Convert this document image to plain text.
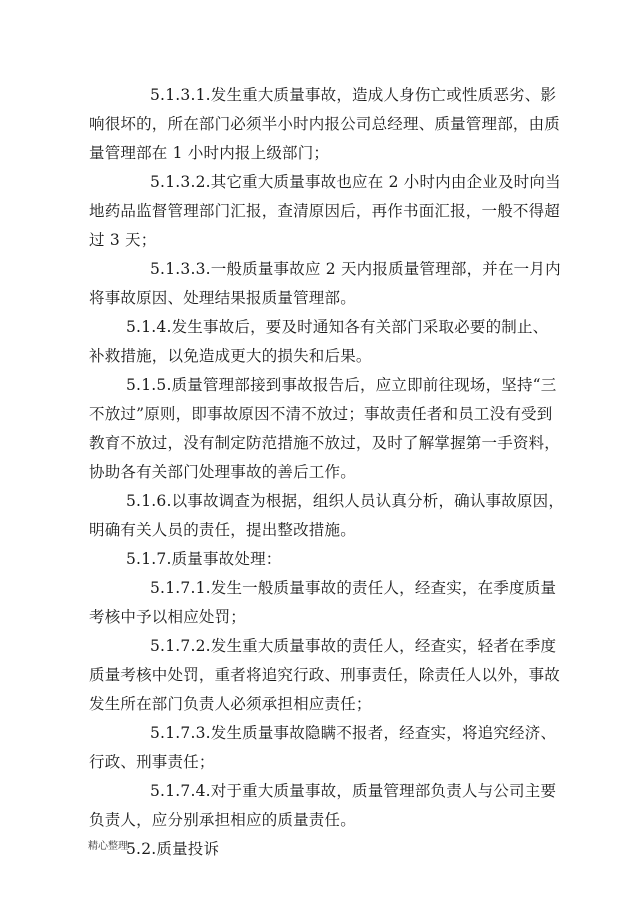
5.1.3.1.发生重大质量事故，造成人身伤亡或性质恶劣、影

响很坏的，所在部门必须半小时内报公司总经理、质量管理部，由质

量管理部在 1 小时内报上级部门；

5.1.3.2.其它重大质量事故也应在 2 小时内由企业及时向当

地药品监督管理部门汇报，查清原因后，再作书面汇报，一般不得超

过 3 天；

5.1.3.3.一般质量事故应 2 天内报质量管理部，并在一月内

将事故原因、处理结果报质量管理部。

5.1.4.发生事故后，要及时通知各有关部门采取必要的制止、

补救措施，以免造成更大的损失和后果。

5.1.5.质量管理部接到事故报告后，应立即前往现场，坚持“三

不放过”原则，即事故原因不清不放过；事故责任者和员工没有受到

教育不放过，没有制定防范措施不放过，及时了解掌握第一手资料，

协助各有关部门处理事故的善后工作。

5.1.6.以事故调查为根据，组织人员认真分析，确认事故原因，

明确有关人员的责任，提出整改措施。

5.1.7.质量事故处理：

5.1.7.1.发生一般质量事故的责任人，经查实，在季度质量

考核中予以相应处罚；

5.1.7.2.发生重大质量事故的责任人，经查实，轻者在季度

质量考核中处罚，重者将追究行政、刑事责任，除责任人以外，事故

发生所在部门负责人必须承担相应责任；

5.1.7.3.发生质量事故隐瞒不报者，经查实，将追究经济、

行政、刑事责任；

5.1.7.4.对于重大质量事故，质量管理部负责人与公司主要

负责人，应分别承担相应的质量责任。

5.2.质量投诉

精心整理
